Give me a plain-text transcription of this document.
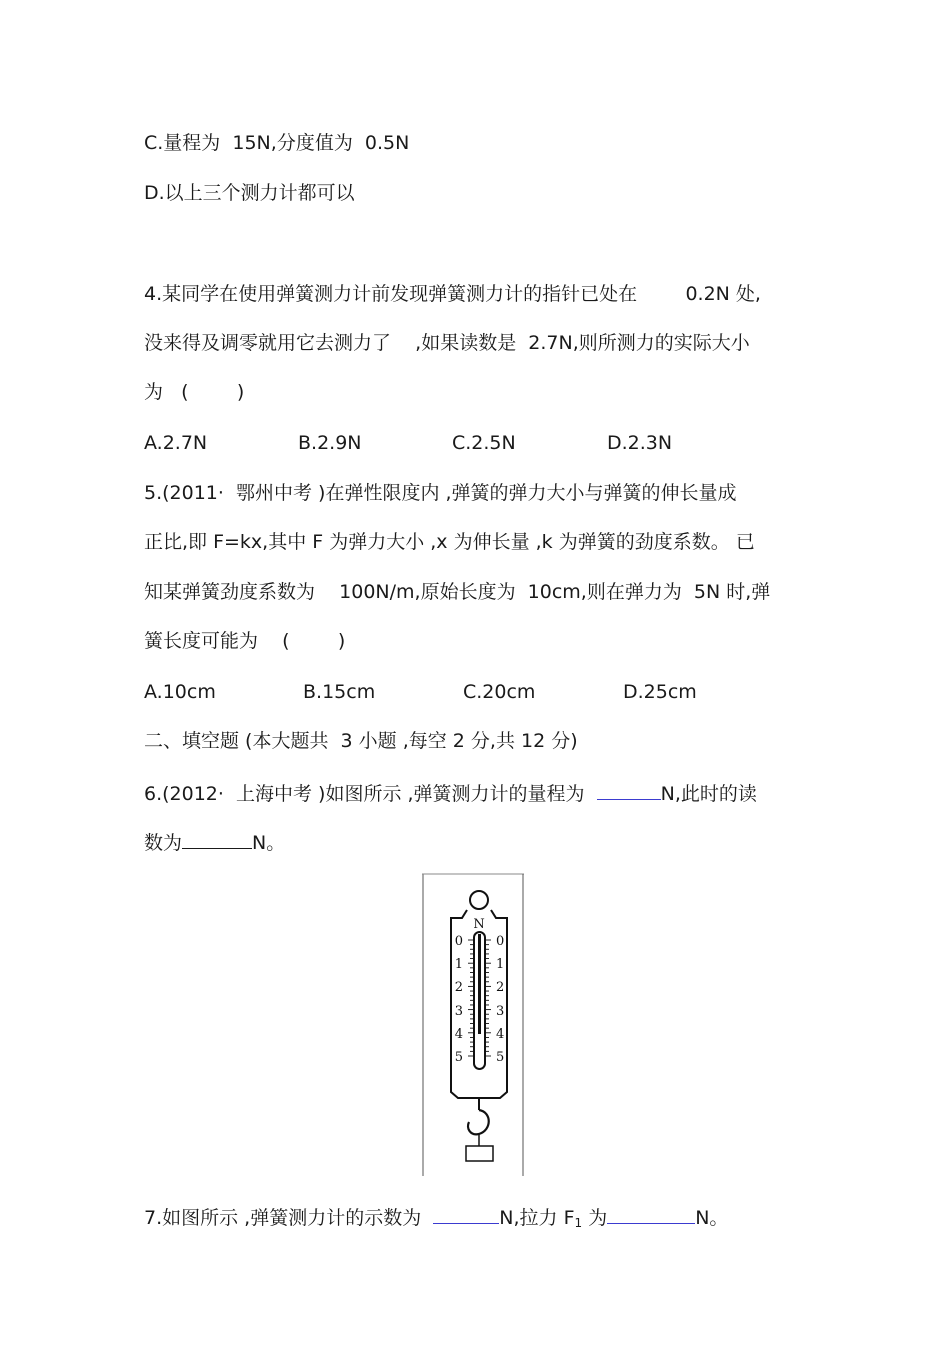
C.量程为  15N,分度值为  0.5N
D.以上三个测力计都可以
4.某同学在使用弹簧测力计前发现弹簧测力计的指针已处在        0.2N 处,
没来得及调零就用它去测力了    ,如果读数是  2.7N,则所测力的实际大小
为   (        )
A.2.7N	B.2.9N	C.2.5N	D.2.3N
5.(2011·  鄂州中考 )在弹性限度内 ,弹簧的弹力大小与弹簧的伸长量成
正比,即 F=kx,其中 F 为弹力大小 ,x 为伸长量 ,k 为弹簧的劲度系数。 已
知某弹簧劲度系数为    100N/m,原始长度为  10cm,则在弹力为  5N 时,弹
簧长度可能为    (        )
A.10cm	B.15cm	C.20cm	D.25cm
二、填空题 (本大题共  3 小题 ,每空 2 分,共 12 分)
6.(2012·  上海中考 )如图所示 ,弹簧测力计的量程为	N,此时的读
数为	N。
N
0
1
2
3
4
5
0
1
2
3
4
5
7.如图所示 ,弹簧测力计的示数为	N,拉力 $F_1$ 为	N。
